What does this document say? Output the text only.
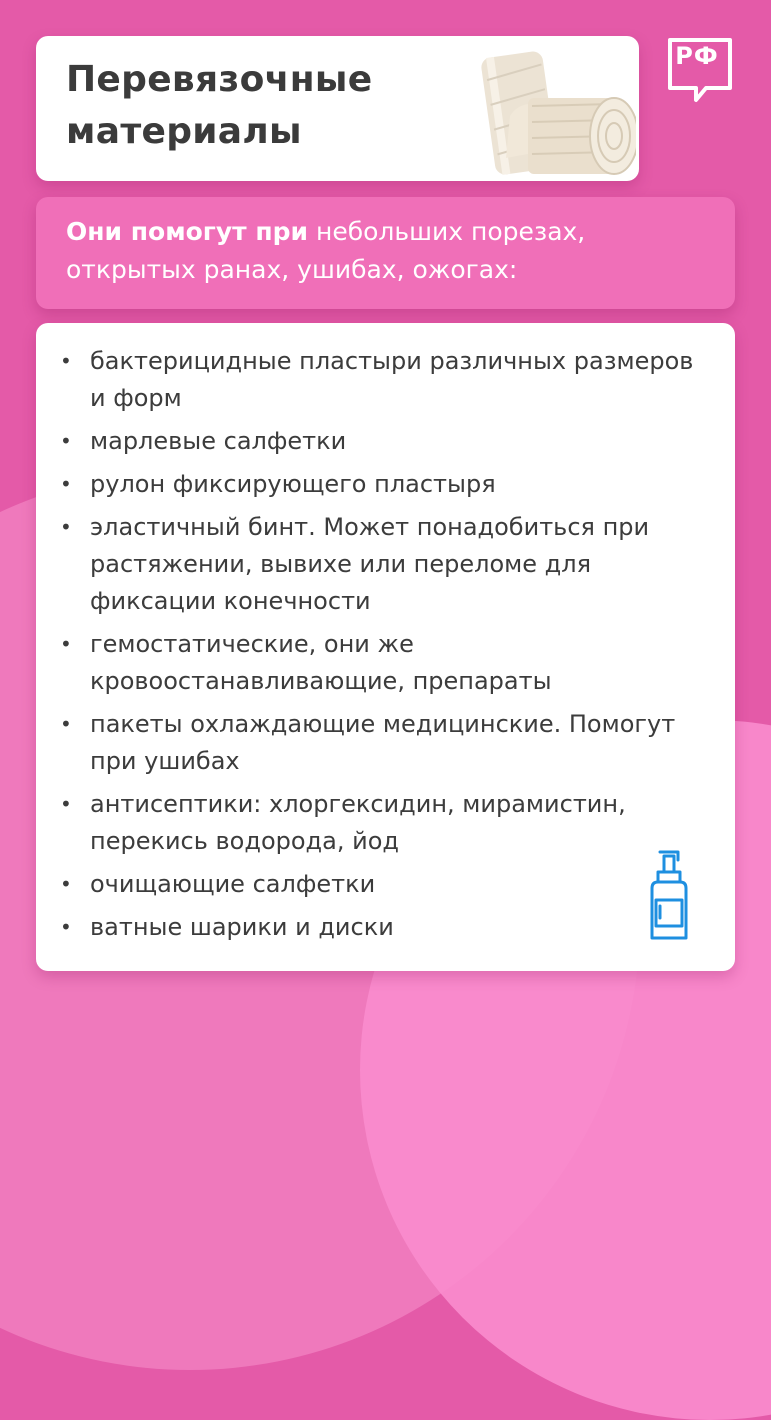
Перевязочные
материалы
РФ
Они помогут при небольших порезах, открытых ранах, ушибах, ожогах:
• бактерицидные пластыри различных размеров и форм
• марлевые салфетки
• рулон фиксирующего пластыря
• эластичный бинт. Может понадобиться при растяжении, вывихе или переломе для фиксации конечности
• гемостатические, они же кровоостанавливающие, препараты
• пакеты охлаждающие медицинские. Помогут при ушибах
• антисептики: хлоргексидин, мирамистин, перекись водорода, йод
• очищающие салфетки
• ватные шарики и диски
